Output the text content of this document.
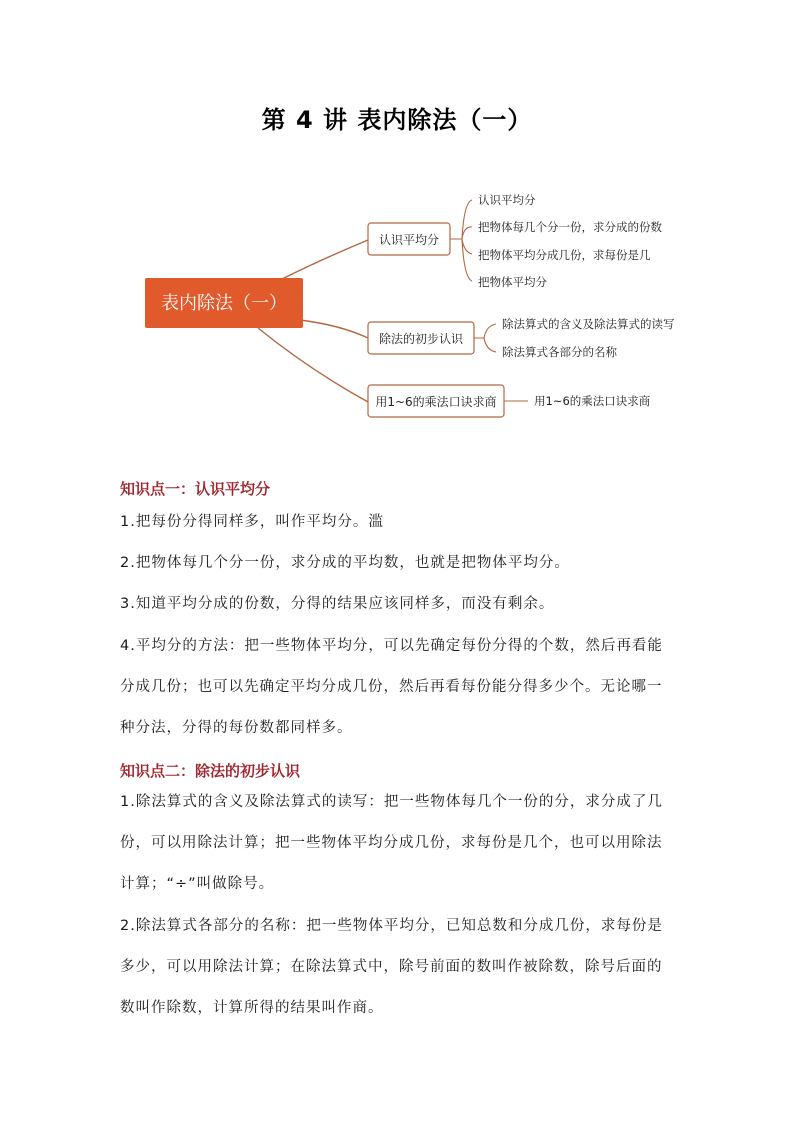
第 4 讲 表内除法（一）
表内除法（一）
认识平均分
认识平均分
把物体每几个分一份，求分成的份数
把物体平均分成几份，求每份是几
把物体平均分
除法的初步认识
除法算式的含义及除法算式的读写
除法算式各部分的名称
用1~6的乘法口诀求商	用1~6的乘法口诀求商
知识点一：认识平均分
1.把每份分得同样多，叫作平均分。滥
2.把物体每几个分一份，求分成的平均数，也就是把物体平均分。
3.知道平均分成的份数，分得的结果应该同样多，而没有剩余。
4.平均分的方法：把一些物体平均分，可以先确定每份分得的个数，然后再看能分成几份；也可以先确定平均分成几份，然后再看每份能分得多少个。无论哪一种分法，分得的每份数都同样多。
知识点二：除法的初步认识
1.除法算式的含义及除法算式的读写：把一些物体每几个一份的分，求分成了几份，可以用除法计算；把一些物体平均分成几份，求每份是几个，也可以用除法计算；“÷”叫做除号。
2.除法算式各部分的名称：把一些物体平均分，已知总数和分成几份，求每份是多少，可以用除法计算；在除法算式中，除号前面的数叫作被除数，除号后面的数叫作除数，计算所得的结果叫作商。
